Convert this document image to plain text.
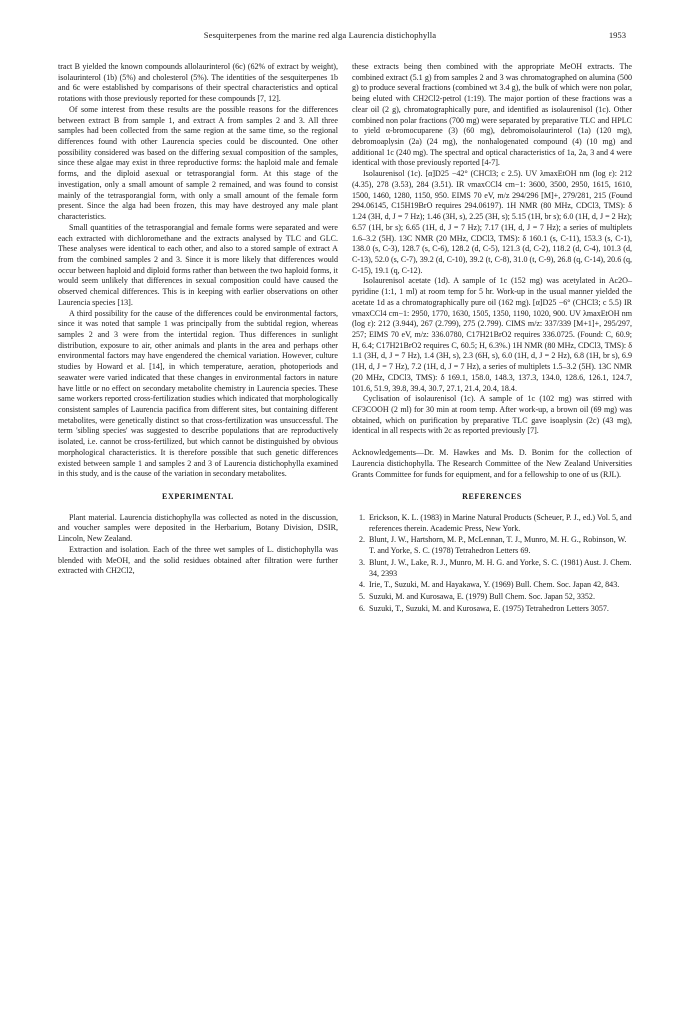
Sesquiterpenes from the marine red alga Laurencia distichophylla	1953

tract B yielded the known compounds allolaurinterol (6c) (62% of extract by weight), isolaurinterol (1b) (5%) and cholesterol (5%). The identities of the sesquiterpenes 1b and 6c were established by comparisons of their spectral characteristics and optical rotations with those previously reported for these compounds [7, 12].

Of some interest from these results are the possible reasons for the differences between extract B from sample 1, and extract A from samples 2 and 3. All three samples had been collected from the same region at the same time, so the regional differences found with other Laurencia species could be discounted. One other possibility considered was based on the differing sexual composition of the samples, since these algae may exist in three reproductive forms: the haploid male and female forms, and the diploid asexual or tetrasporangial form. At this stage of the investigation, only a small amount of sample 2 remained, and was found to consist mainly of the tetrasporangial form, with only a small amount of the female form present. Since the alga had been frozen, this may have destroyed any male plant characteristics.

Small quantities of the tetrasporangial and female forms were separated and were each extracted with dichloromethane and the extracts analysed by TLC and GLC. These analyses were identical to each other, and also to a stored sample of extract A from the combined samples 2 and 3. Since it is more likely that differences would occur between haploid and diploid forms rather than between the two haploid forms, it would seem unlikely that differences in sexual composition could have caused the observed chemical differences. This is in keeping with earlier observations on other Laurencia species [13].

A third possibility for the cause of the differences could be environmental factors, since it was noted that sample 1 was principally from the subtidal region, whereas samples 2 and 3 were from the intertidal region. Thus differences in sunlight distribution, exposure to air, other animals and plants in the area and perhaps other environmental factors may have engendered the chemical variation. However, culture studies by Howard et al. [14], in which temperature, aeration, photoperiods and seawater were varied indicated that these changes in environmental factors in nature have little or no effect on secondary metabolite chemistry in Laurencia species. These same workers reported cross-fertilization studies which indicated that morphologically consistent samples of Laurencia pacifica from different sites, but containing different metabolites, were genetically distinct so that cross-fertilization was unsuccessful. The term 'sibling species' was suggested to describe populations that are reproductively isolated, i.e. cannot be cross-fertilized, but which cannot be distinguished by obvious morphological characteristics. It is therefore possible that such genetic differences existed between sample 1 and samples 2 and 3 of Laurencia distichophylla examined in this study, and is the cause of the variation in secondary metabolites.

EXPERIMENTAL

Plant material. Laurencia distichophylla was collected as noted in the discussion, and voucher samples were deposited in the Herbarium, Botany Division, DSIR, Lincoln, New Zealand.

Extraction and isolation. Each of the three wet samples of L. distichophylla was blended with MeOH, and the solid residues obtained after filtration were further extracted with CH2Cl2,

these extracts being then combined with the appropriate MeOH extracts. The combined extract (5.1 g) from samples 2 and 3 was chromatographed on alumina (500 g) to produce several fractions (combined wt 3.4 g), the bulk of which were non polar, being eluted with CH2Cl2-petrol (1:19). The major portion of these fractions was a clear oil (2 g), chromatographically pure, and identified as isolaurenisol (1c). Other combined non polar fractions (700 mg) were separated by preparative TLC and HPLC to yield α-bromocuparene (3) (60 mg), debromoisolaurinterol (1a) (120 mg), debromoaplysin (2a) (24 mg), the nonhalogenated compound (4) (10 mg) and additional 1c (240 mg). The spectral and optical characteristics of 1a, 2a, 3 and 4 were identical with those previously reported [4-7].

Isolaurenisol (1c). [α]D25 −42° (CHCl3; c 2.5). UV λmaxEtOH nm (log ε): 212 (4.35), 278 (3.53), 284 (3.51). IR νmaxCCl4 cm−1: 3600, 3500, 2950, 1615, 1610, 1500, 1460, 1280, 1150, 950. EIMS 70 eV, m/z 294/296 [M]+, 279/281, 215 (Found 294.06145, C15H19BrO requires 294.06197). 1H NMR (80 MHz, CDCl3, TMS): δ 1.24 (3H, d, J = 7 Hz); 1.46 (3H, s), 2.25 (3H, s); 5.15 (1H, br s); 6.0 (1H, d, J = 2 Hz); 6.57 (1H, br s); 6.65 (1H, d, J = 7 Hz); 7.17 (1H, d, J = 7 Hz); a series of multiplets 1.6–3.2 (5H). 13C NMR (20 MHz, CDCl3, TMS): δ 160.1 (s, C-11), 153.3 (s, C-1), 138.0 (s, C-3), 128.7 (s, C-6), 128.2 (d, C-5), 121.3 (d, C-2), 118.2 (d, C-4), 101.3 (d, C-13), 52.0 (s, C-7), 39.2 (d, C-10), 39.2 (t, C-8), 31.0 (t, C-9), 26.8 (q, C-14), 20.6 (q, C-15), 19.1 (q, C-12).

Isolaurenisol acetate (1d). A sample of 1c (152 mg) was acetylated in Ac2O–pyridine (1:1, 1 ml) at room temp for 5 hr. Work-up in the usual manner yielded the acetate 1d as a chromatographically pure oil (162 mg). [α]D25 −6° (CHCl3; c 5.5) IR νmaxCCl4 cm−1: 2950, 1770, 1630, 1505, 1350, 1190, 1020, 900. UV λmaxEtOH nm (log ε): 212 (3.944), 267 (2.799), 275 (2.799). CIMS m/z: 337/339 [M+1]+, 295/297, 257; EIMS 70 eV, m/z: 336.0780, C17H21BrO2 requires 336.0725. (Found: C, 60.9; H, 6.4; C17H21BrO2 requires C, 60.5; H, 6.3%.) 1H NMR (80 MHz, CDCl3, TMS): δ 1.1 (3H, d, J = 7 Hz), 1.4 (3H, s), 2.3 (6H, s), 6.0 (1H, d, J = 2 Hz), 6.8 (1H, br s), 6.9 (1H, d, J = 7 Hz), 7.2 (1H, d, J = 7 Hz), a series of multiplets 1.5–3.2 (5H). 13C NMR (20 MHz, CDCl3, TMS): δ 169.1, 158.0, 148.3, 137.3, 134.0, 128.6, 126.1, 124.7, 101.6, 51.9, 39.8, 39.4, 30.7, 27.1, 21.4, 20.4, 18.4.

Cyclisation of isolaurenisol (1c). A sample of 1c (102 mg) was stirred with CF3COOH (2 ml) for 30 min at room temp. After work-up, a brown oil (69 mg) was obtained, which on purification by preparative TLC gave isoaplysin (2c) (43 mg), identical in all respects with 2c as reported previously [7].

Acknowledgements—Dr. M. Hawkes and Ms. D. Bonim for the collection of Laurencia distichophylla. The Research Committee of the New Zealand Universities Grants Committee for funds for equipment, and for a fellowship to one of us (RJL).

REFERENCES
1. Erickson, K. L. (1983) in Marine Natural Products (Scheuer, P. J., ed.) Vol. 5, and references therein. Academic Press, New York.
2. Blunt, J. W., Hartshorn, M. P., McLennan, T. J., Munro, M. H. G., Robinson, W. T. and Yorke, S. C. (1978) Tetrahedron Letters 69.
3. Blunt, J. W., Lake, R. J., Munro, M. H. G. and Yorke, S. C. (1981) Aust. J. Chem. 34, 2393
4. Irie, T., Suzuki, M. and Hayakawa, Y. (1969) Bull. Chem. Soc. Japan 42, 843.
5. Suzuki, M. and Kurosawa, E. (1979) Bull Chem. Soc. Japan 52, 3352.
6. Suzuki, T., Suzuki, M. and Kurosawa, E. (1975) Tetrahedron Letters 3057.
